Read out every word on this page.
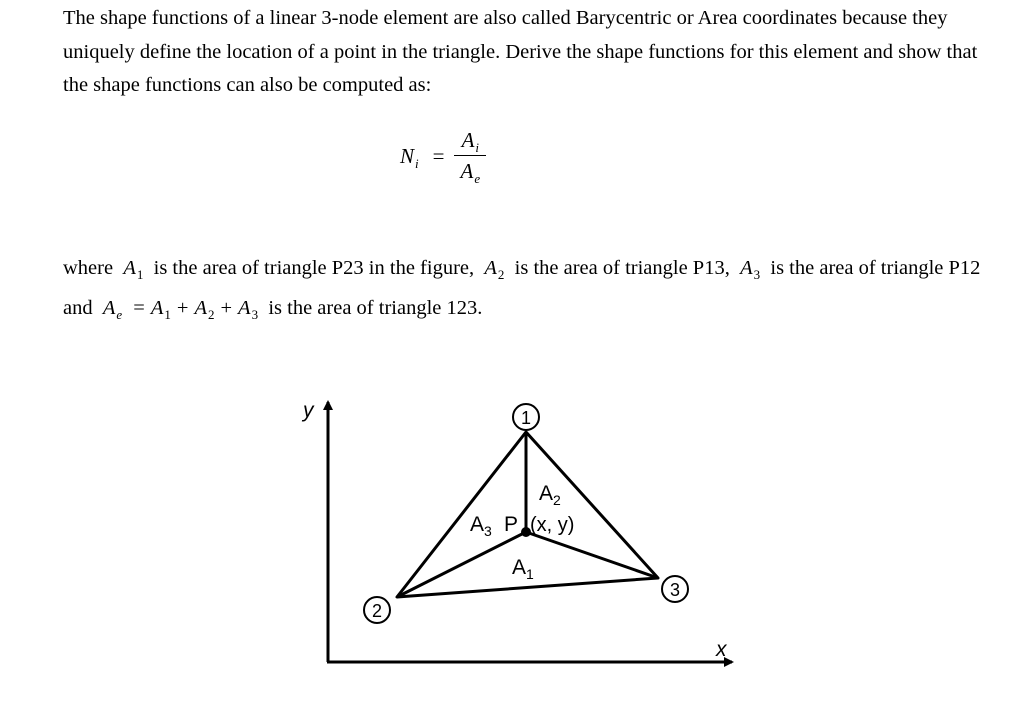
The shape functions of a linear 3-node element are also called Barycentric or Area coordinates because they uniquely define the location of a point in the triangle. Derive the shape functions for this element and show that the shape functions can also be computed as:

$N_i = \frac{A_i}{A_e}$

where $A_1$ is the area of triangle P23 in the figure, $A_2$ is the area of triangle P13, $A_3$ is the area of triangle P12 and $A_e = A_1 + A_2 + A_3$ is the area of triangle 123.

y
x
1
2
3
$A_2$
$A_3$ P (x, y)
$A_1$
